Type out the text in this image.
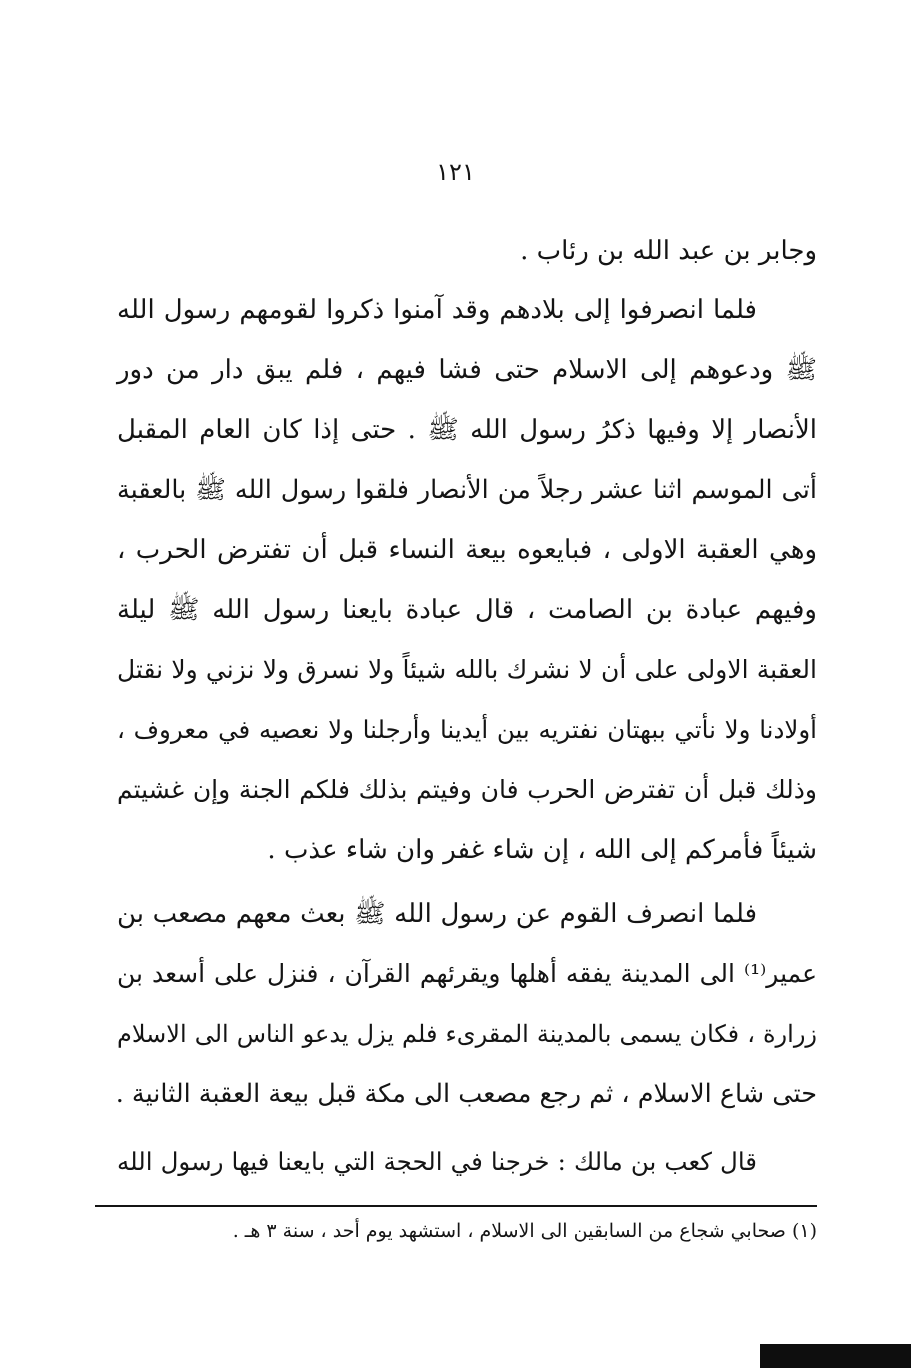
١٢١
وجابر بن عبد الله بن رئاب .
فلما انصرفوا إلى بلادهم وقد آمنوا ذكروا لقومهم رسول الله
ﷺ ودعوهم إلى الاسلام حتى فشا فيهم ، فلم يبق دار من دور
الأنصار إلا وفيها ذكرُ رسول الله ﷺ . حتى إذا كان العام المقبل
أتى الموسم اثنا عشر رجلاً من الأنصار فلقوا رسول الله ﷺ بالعقبة
وهي العقبة الاولى ، فبايعوه بيعة النساء قبل أن تفترض الحرب ،
وفيهم عبادة بن الصامت ، قال عبادة بايعنا رسول الله ﷺ ليلة
العقبة الاولى على أن لا نشرك بالله شيئاً ولا نسرق ولا نزني ولا نقتل
أولادنا ولا نأتي ببهتان نفتريه بين أيدينا وأرجلنا ولا نعصيه في معروف ،
وذلك قبل أن تفترض الحرب فان وفيتم بذلك فلكم الجنة وإن غشيتم
شيئاً فأمركم إلى الله ، إن شاء غفر وان شاء عذب .
فلما انصرف القوم عن رسول الله ﷺ بعث معهم مصعب بن
عمير⁽¹⁾ الى المدينة يفقه أهلها ويقرئهم القرآن ، فنزل على أسعد بن
زرارة ، فكان يسمى بالمدينة المقرىء فلم يزل يدعو الناس الى الاسلام
حتى شاع الاسلام ، ثم رجع مصعب الى مكة قبل بيعة العقبة الثانية .
قال كعب بن مالك : خرجنا في الحجة التي بايعنا فيها رسول الله
(١) صحابي شجاع من السابقين الى الاسلام ، استشهد يوم أحد ، سنة ٣ هـ .
